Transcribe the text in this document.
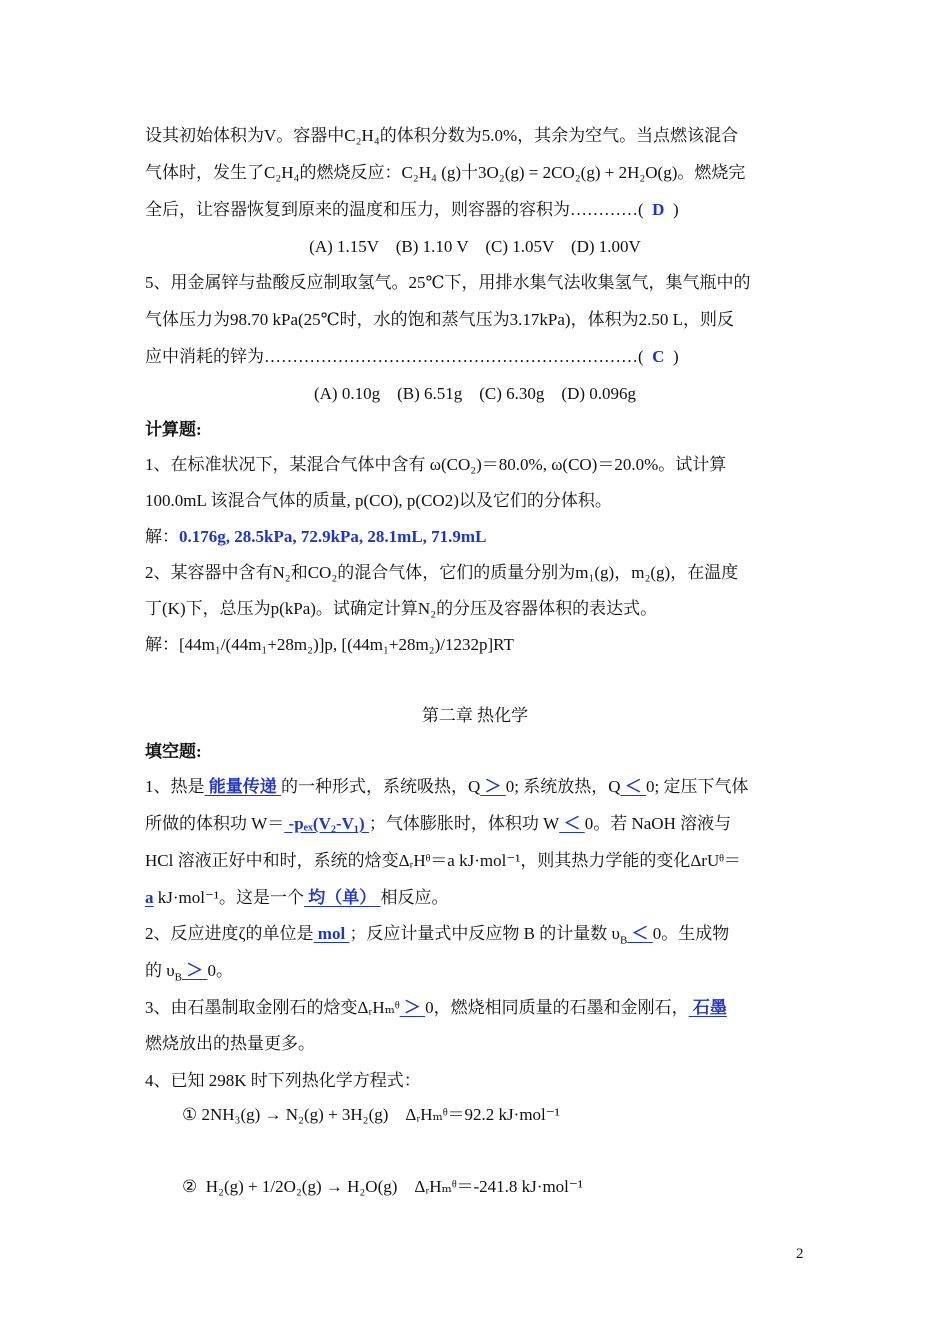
设其初始体积为V。容器中C₂H₄的体积分数为5.0%，其余为空气。当点燃该混合
气体时，发生了C₂H₄的燃烧反应：C₂H₄ (g)十3O₂(g) = 2CO₂(g) + 2H₂O(g)。燃烧完
全后，让容器恢复到原来的温度和压力，则容器的容积为…………( D )
(A) 1.15V    (B) 1.10 V    (C) 1.05V    (D) 1.00V
5、用金属锌与盐酸反应制取氢气。25℃下，用排水集气法收集氢气，集气瓶中的
气体压力为98.70 kPa(25℃时，水的饱和蒸气压为3.17kPa)，体积为2.50 L，则反
应中消耗的锌为…………………………………………………………( C )
(A) 0.10g    (B) 6.51g    (C) 6.30g    (D) 0.096g
计算题:
1、在标准状况下，某混合气体中含有 ω(CO₂)＝80.0%, ω(CO)＝20.0%。试计算
100.0mL 该混合气体的质量, p(CO), p(CO2)以及它们的分体积。
解：0.176g, 28.5kPa, 72.9kPa, 28.1mL, 71.9mL
2、某容器中含有N₂和CO₂的混合气体，它们的质量分别为m₁(g)，m₂(g)，在温度
丁(K)下，总压为p(kPa)。试确定计算N₂的分压及容器体积的表达式。
解：[44m₁/(44m₁+28m₂)]p, [(44m₁+28m₂)/1232p]RT
第二章 热化学
填空题:
1、热是 能量传递 的一种形式，系统吸热，Q ＞ 0; 系统放热，Q ＜ 0; 定压下气体
所做的体积功 W＝ -pₑₓ(V₂-V₁) ；气体膨胀时，体积功 W ＜ 0。若 NaOH 溶液与
HCl 溶液正好中和时，系统的焓变ΔᵣHᶿ＝a kJ·mol⁻¹，则其热力学能的变化ΔrUᶿ＝
a kJ·mol⁻¹。这是一个 均（单） 相反应。
2、反应进度ζ的单位是 mol ；反应计量式中反应物 B 的计量数 $\upsilon_B < 0$。生成物
的 $\upsilon_B > 0$。
3、由石墨制取金刚石的焓变ΔᵣHₘᶿ ＞ 0，燃烧相同质量的石墨和金刚石， 石墨
燃烧放出的热量更多。
4、已知 298K 时下列热化学方程式：
① 2NH₃(g) → N₂(g) + 3H₂(g)    ΔᵣHₘᶿ＝92.2 kJ·mol⁻¹
②  H₂(g) + 1/2O₂(g) → H₂O(g)    ΔᵣHₘᶿ＝-241.8 kJ·mol⁻¹
2
